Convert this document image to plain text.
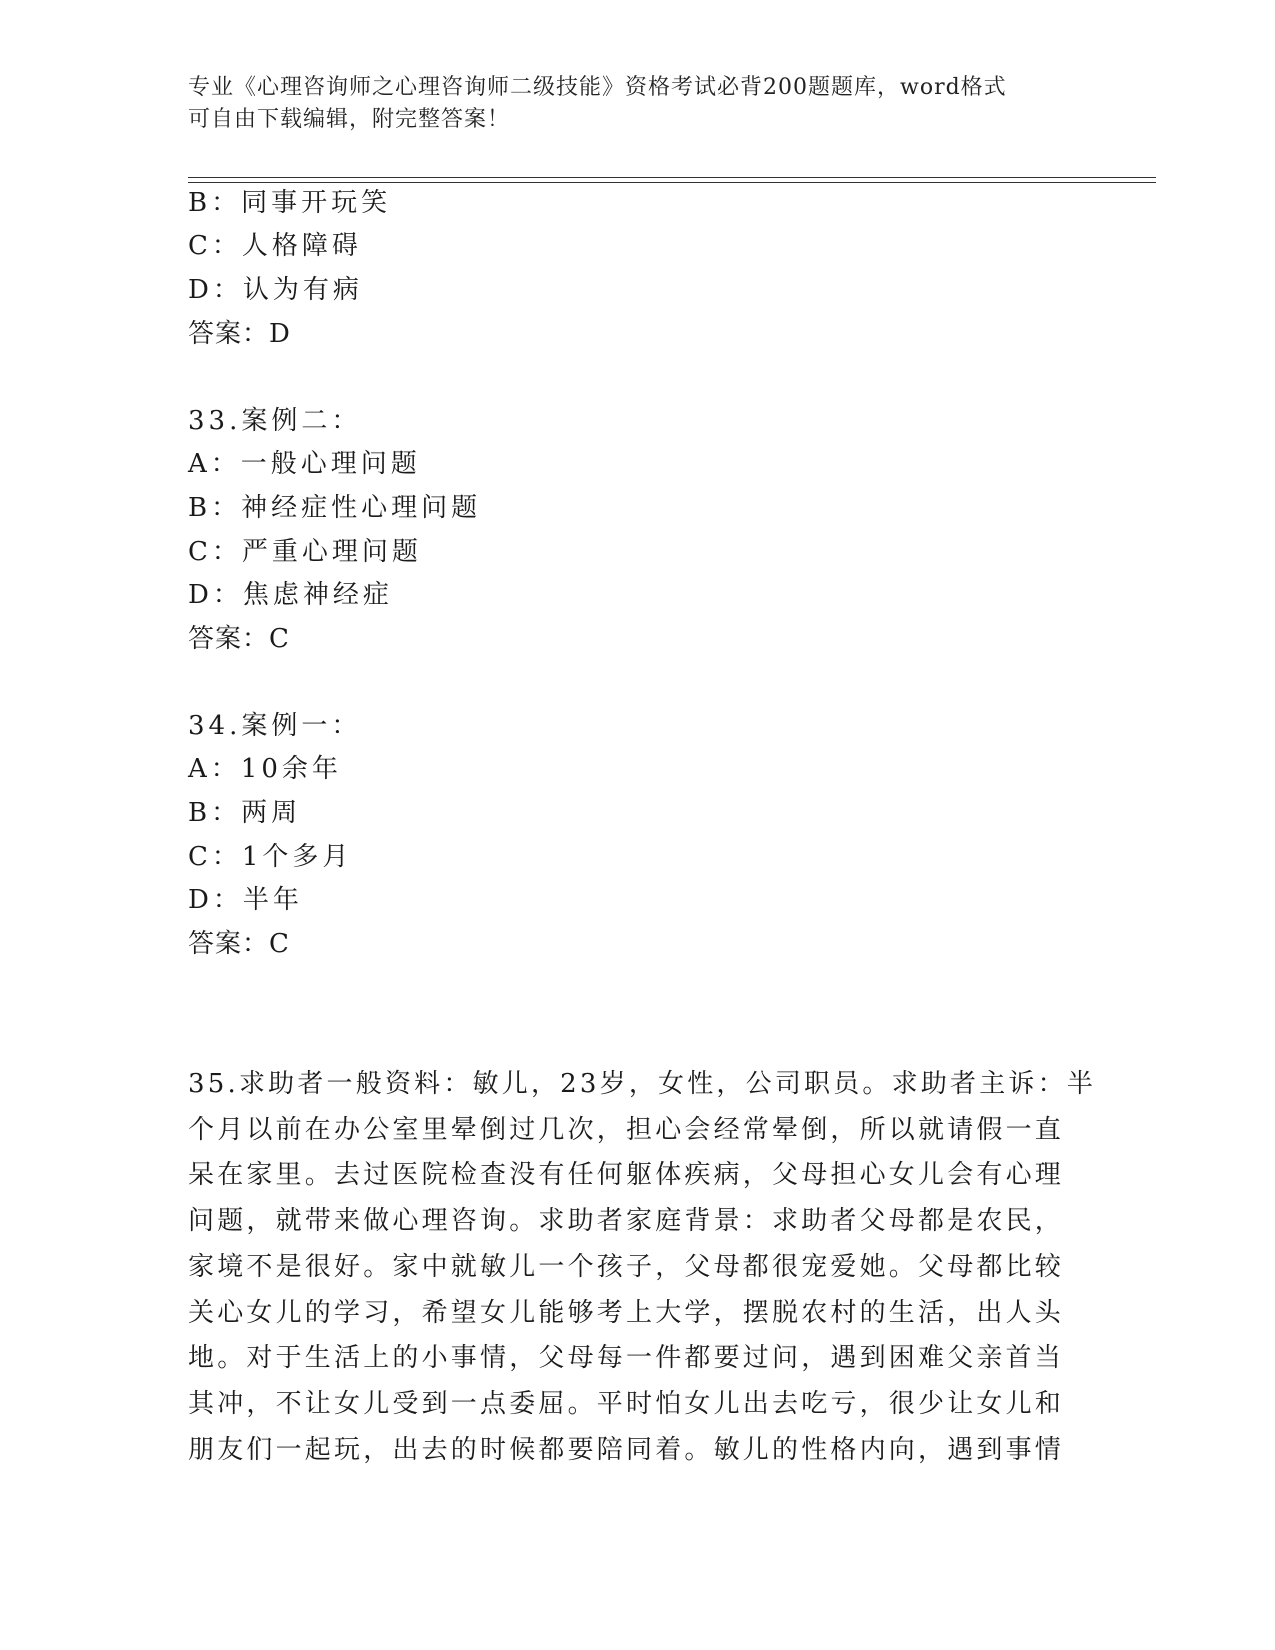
专业《心理咨询师之心理咨询师二级技能》资格考试必背200题题库，word格式
可自由下载编辑，附完整答案！
B：同事开玩笑
C：人格障碍
D：认为有病
答案：D
33.案例二：
A：一般心理问题
B：神经症性心理问题
C：严重心理问题
D：焦虑神经症
答案：C
34.案例一：
A：10余年
B：两周
C：1个多月
D：半年
答案：C
35.求助者一般资料：敏儿，23岁，女性，公司职员。求助者主诉：半
个月以前在办公室里晕倒过几次，担心会经常晕倒，所以就请假一直
呆在家里。去过医院检查没有任何躯体疾病，父母担心女儿会有心理
问题，就带来做心理咨询。求助者家庭背景：求助者父母都是农民，
家境不是很好。家中就敏儿一个孩子，父母都很宠爱她。父母都比较
关心女儿的学习，希望女儿能够考上大学，摆脱农村的生活，出人头
地。对于生活上的小事情，父母每一件都要过问，遇到困难父亲首当
其冲，不让女儿受到一点委屈。平时怕女儿出去吃亏，很少让女儿和
朋友们一起玩，出去的时候都要陪同着。敏儿的性格内向，遇到事情
